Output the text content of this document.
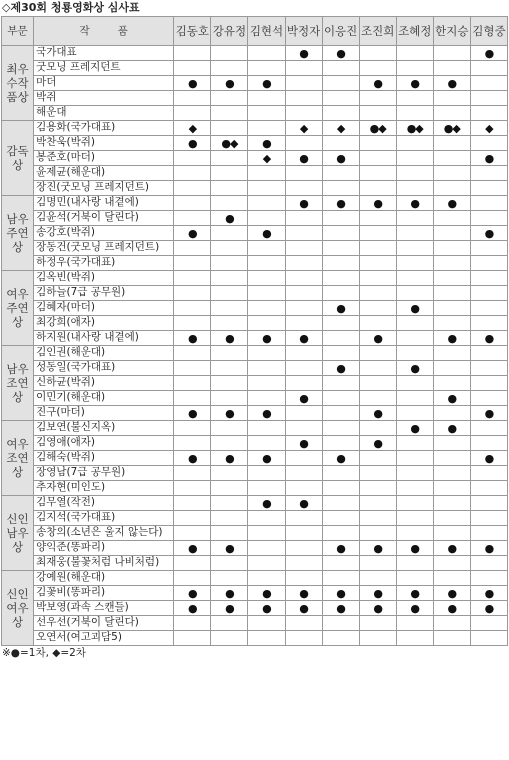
◇제30회 청룡영화상 심사표
부문	작품	김동호	강유정	김현석	박정자	이응진	조진희	조혜정	한지승	김형중

최우
수작
품상	국가대표				●	●				●
	굿모닝 프레지던트									
	마더	●	●	●			●	●	●	
	박쥐									
	해운대									

감독
상	김용화(국가대표)	◆			◆	◆	●◆	●◆	●◆	◆
	박찬욱(박쥐)	●	●◆	●						
	봉준호(마더)			◆	●	●				●
	윤제균(해운대)									
	장진(굿모닝 프레지던트)									

남우
주연
상	김명민(내사랑 내곁에)				●	●	●	●	●	
	김윤석(거북이 달린다)		●							
	송강호(박쥐)	●		●						●
	장동건(굿모닝 프레지던트)									
	하정우(국가대표)									

여우
주연
상	김옥빈(박쥐)									
	김하늘(7급 공무원)									
	김혜자(마더)					●		●		
	최강희(애자)									
	하지원(내사랑 내곁에)	●	●	●	●		●		●	●

남우
조연
상	김인권(해운대)									
	성동일(국가대표)					●		●		
	신하균(박쥐)									
	이민기(해운대)				●				●	
	진구(마더)	●	●	●			●			●

여우
조연
상	김보연(불신지옥)							●	●	
	김영애(애자)				●		●			
	김해숙(박쥐)	●	●	●		●				●
	장영남(7급 공무원)									
	추자현(미인도)									

신인
남우
상	김무열(작전)			●	●					
	김지석(국가대표)									
	송창의(소년은 울지 않는다)									
	양익준(똥파리)	●	●			●	●	●	●	●
	최재웅(불꽃처럼 나비처럼)									

신인
여우
상	강예원(해운대)									
	김꽃비(똥파리)	●	●	●	●	●	●	●	●	●
	박보영(과속 스캔들)	●	●	●	●	●	●	●	●	●
	선우선(거북이 달린다)									
	오연서(여고괴담5)									
※●=1차, ◆=2차
